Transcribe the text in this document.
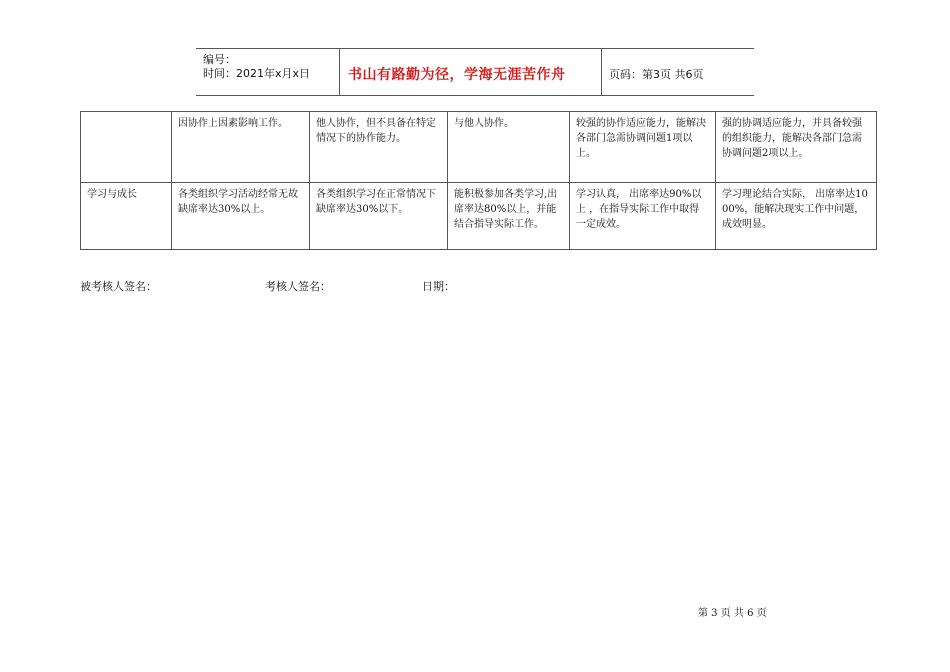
编号：
时间：2021年x月x日	书山有路勤为径，学海无涯苦作舟	页码：第3页 共6页
	因协作上因素影响工作。	他人协作，但不具备在特定情况下的协作能力。	与他人协作。	较强的协作适应能力，能解决各部门急需协调问题1项以上。	强的协调适应能力，并具备较强的组织能力，能解决各部门急需协调问题2项以上。
学习与成长	各类组织学习活动经常无故缺席率达30%以上。	各类组织学习在正常情况下缺席率达30%以下。	能积极参加各类学习,出席率达80%以上，并能结合指导实际工作。	学习认真， 出席率达90%以上 ，在指导实际工作中取得一定成效。	学习理论结合实际， 出席率达1000%，能解决现实工作中问题，成效明显。
被考核人签名：	考核人签名：	日期：
第 3 页 共 6 页
